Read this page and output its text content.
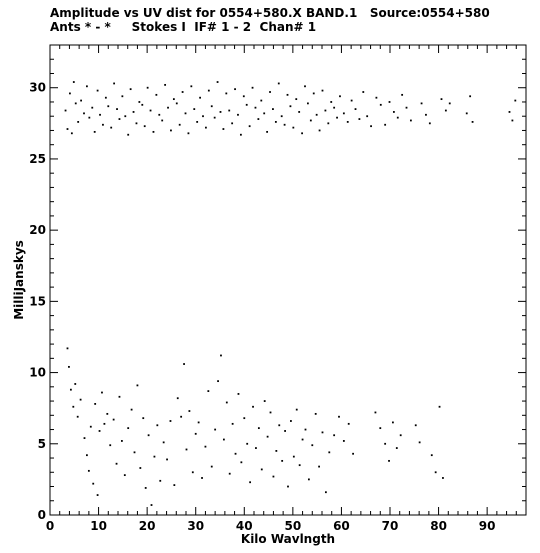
Amplitude vs UV dist for 0554+580.X BAND.1   Source:0554+580
Ants * - *     Stokes I  IF# 1 - 2  Chan# 1
0	10	20	30	40	50	60	70	80	90
0
5
10
15
20
25
30
Kilo Wavlngth
MilliJanskys
